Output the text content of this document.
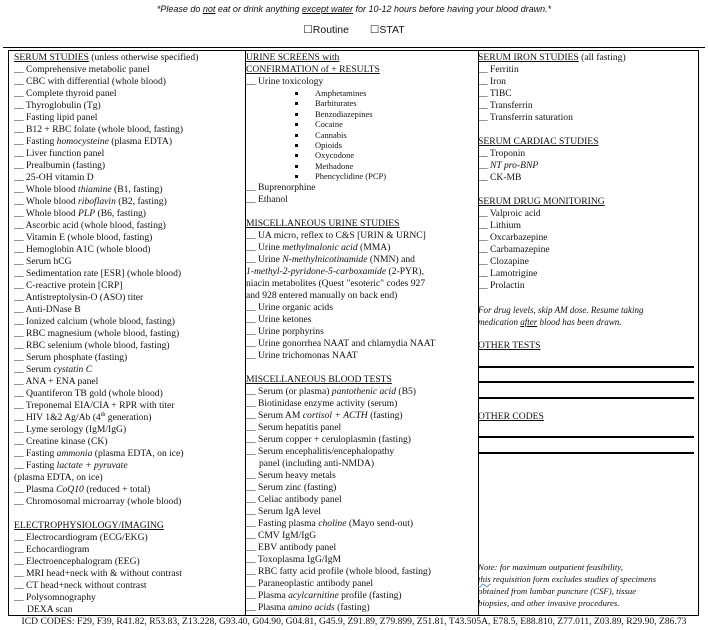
*Please do not eat or drink anything except water for 10-12 hours before having your blood drawn.*
☐Routine ☐STAT
SERUM STUDIES (unless otherwise specified)
__ Comprehensive metabolic panel
__ CBC with differential (whole blood)
__ Complete thyroid panel
__ Thyroglobulin (Tg)
__ Fasting lipid panel
__ B12 + RBC folate (whole blood, fasting)
__ Fasting homocysteine (plasma EDTA)
__ Liver function panel
__ Prealbumin (fasting)
__ 25-OH vitamin D
__ Whole blood thiamine (B1, fasting)
__ Whole blood riboflavin (B2, fasting)
__ Whole blood PLP (B6, fasting)
__ Ascorbic acid (whole blood, fasting)
__ Vitamin E (whole blood, fasting)
__ Hemoglobin A1C (whole blood)
__ Serum hCG
__ Sedimentation rate [ESR] (whole blood)
__ C-reactive protein [CRP]
__ Antistreptolysin-O (ASO) titer
__ Anti-DNase B
__ Ionized calcium (whole blood, fasting)
__ RBC magnesium (whole blood, fasting)
__ RBC selenium (whole blood, fasting)
__ Serum phosphate (fasting)
__ Serum cystatin C
__ ANA + ENA panel
__ Quantiferon TB gold (whole blood)
__ Treponemal EIA/CIA + RPR with titer
__ HIV 1&2 Ag/Ab (4th generation)
__ Lyme serology (IgM/IgG)
__ Creatine kinase (CK)
__ Fasting ammonia (plasma EDTA, on ice)
__ Fasting lactate + pyruvate
(plasma EDTA, on ice)
__ Plasma CoQ10 (reduced + total)
__ Chromosomal microarray (whole blood)
ELECTROPHYSIOLOGY/IMAGING
__ Electrocardiogram (ECG/EKG)
__ Echocardiogram
__ Electroencephalogram (EEG)
__ MRI head+neck with & without contrast
__ CT head+neck without contrast
__ Polysomnography
DEXA scan
URINE SCREENS with
CONFIRMATION of + RESULTS
__ Urine toxicology
Amphetamines
Barbiturates
Benzodiazepines
Cocaine
Cannabis
Opioids
Oxycodone
Methadone
Phencyclidine (PCP)
__ Buprenorphine
__ Ethanol
MISCELLANEOUS URINE STUDIES
__ UA micro, reflex to C&S [URIN & URNC]
__ Urine methylmalonic acid (MMA)
__ Urine N-methylnicotinamide (NMN) and
1-methyl-2-pyridone-5-carboxamide (2-PYR),
niacin metabolites (Quest "esoteric" codes 927
and 928 entered manually on back end)
__ Urine organic acids
__ Urine ketones
__ Urine porphyrins
__ Urine gonorrhea NAAT and chlamydia NAAT
__ Urine trichomonas NAAT
MISCELLANEOUS BLOOD TESTS
__ Serum (or plasma) pantothenic acid (B5)
__ Biotinidase enzyme activity (serum)
__ Serum AM cortisol + ACTH (fasting)
__ Serum hepatitis panel
__ Serum copper + ceruloplasmin (fasting)
__ Serum encephalitis/encephalopathy
panel (including anti-NMDA)
__ Serum heavy metals
__ Serum zinc (fasting)
__ Celiac antibody panel
__ Serum IgA level
__ Fasting plasma choline (Mayo send-out)
__ CMV IgM/IgG
__ EBV antibody panel
__ Toxoplasma IgG/IgM
__ RBC fatty acid profile (whole blood, fasting)
__ Paraneoplastic antibody panel
__ Plasma acylcarnitine profile (fasting)
__ Plasma amino acids (fasting)
SERUM IRON STUDIES (all fasting)
__ Ferritin
__ Iron
__ TIBC
__ Transferrin
__ Transferrin saturation
SERUM CARDIAC STUDIES
__ Troponin
__ NT pro-BNP
__ CK-MB
SERUM DRUG MONITORING
__ Valproic acid
__ Lithium
__ Oxcarbazepine
__ Carbamazepine
__ Clozapine
__ Lamotrigine
__ Prolactin
For drug levels, skip AM dose. Resume taking
medication after blood has been drawn.
OTHER TESTS
OTHER CODES
Note: for maximum outpatient feasibility,
this requisition form excludes studies of specimens
obtained from lumbar puncture (CSF), tissue
biopsies, and other invasive procedures.
ICD CODES: F29, F39, R41.82, R53.83, Z13.228, G93.40, G04.90, G04.81, G45.9, Z91.89, Z79.899, Z51.81, T43.505A, E78.5, E88.810, Z77.011, Z03.89, R29.90, Z86.73
